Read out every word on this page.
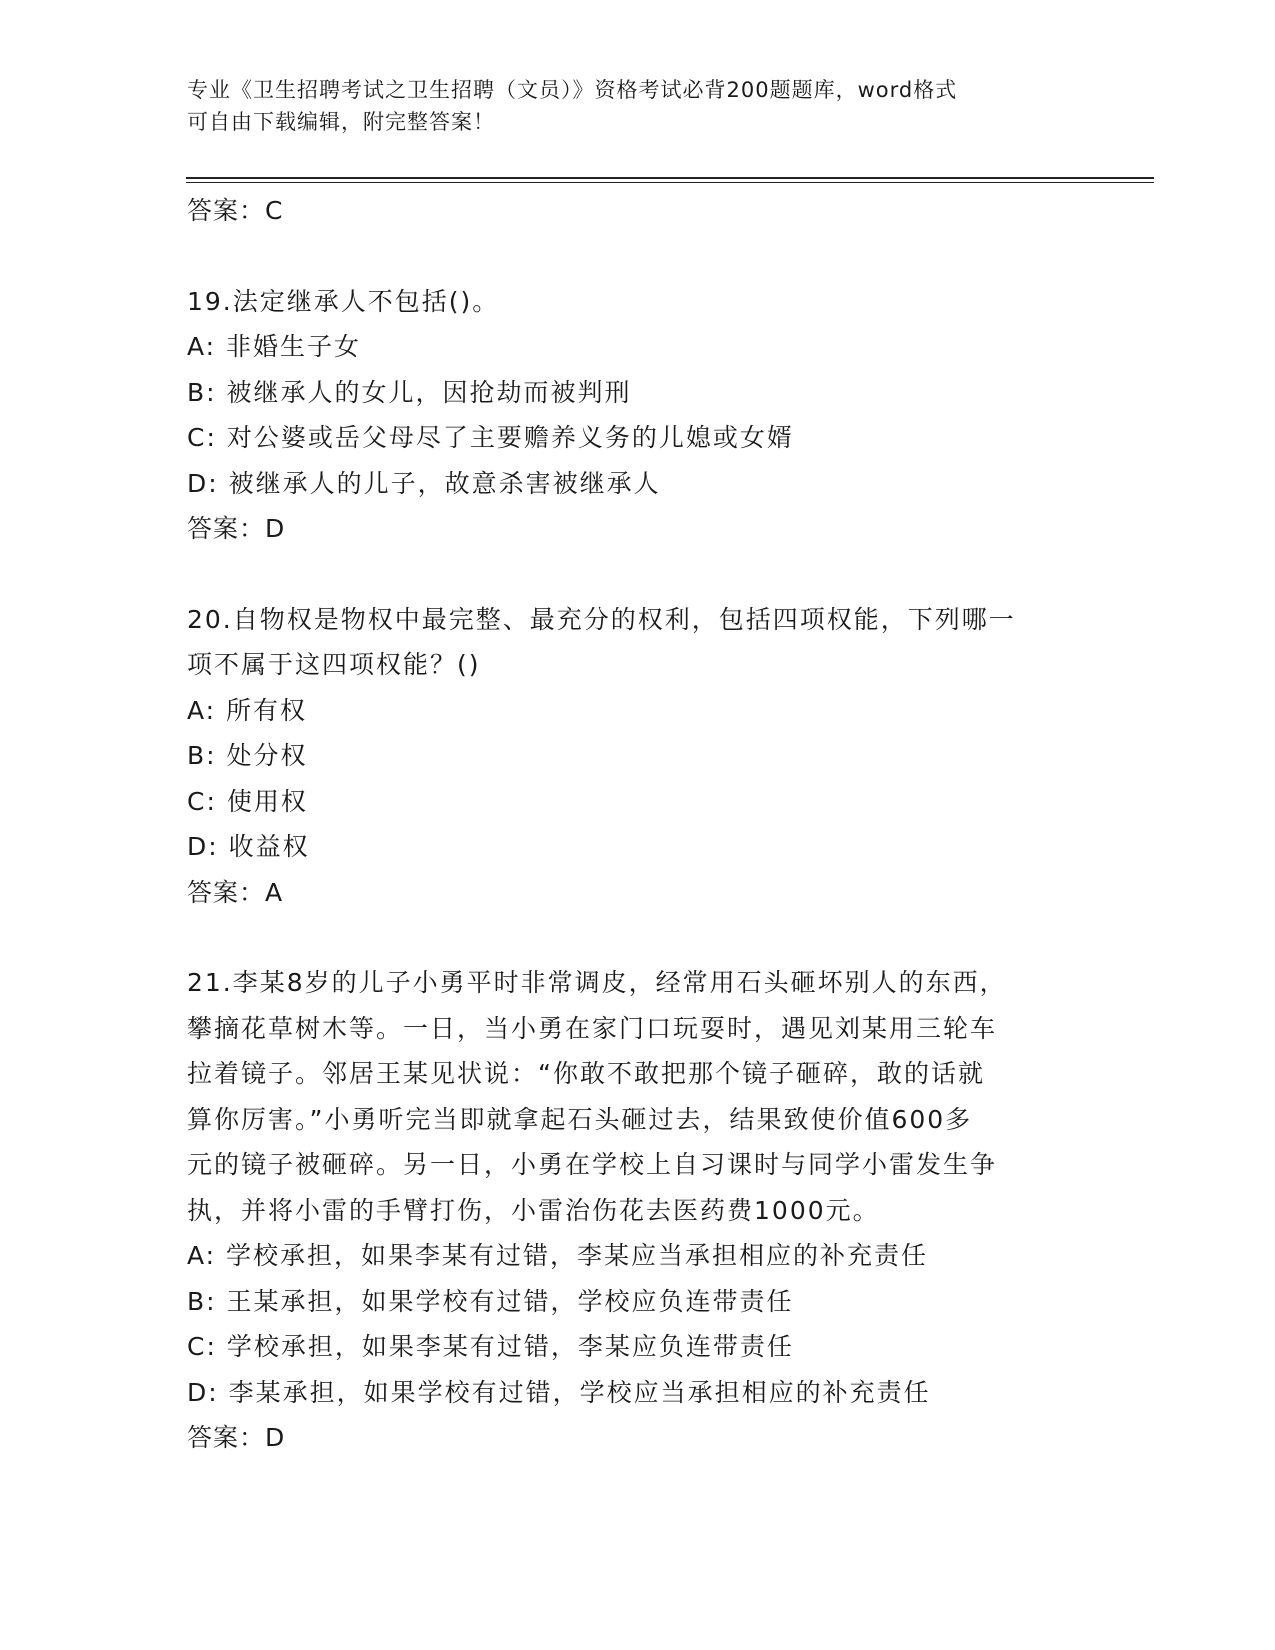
专业《卫生招聘考试之卫生招聘（文员）》资格考试必背200题题库，word格式
可自由下载编辑，附完整答案！
答案：C
19.法定继承人不包括()。
A: 非婚生子女
B: 被继承人的女儿，因抢劫而被判刑
C: 对公婆或岳父母尽了主要赡养义务的儿媳或女婿
D: 被继承人的儿子，故意杀害被继承人
答案：D
20.自物权是物权中最完整、最充分的权利，包括四项权能，下列哪一
项不属于这四项权能？()
A: 所有权
B: 处分权
C: 使用权
D: 收益权
答案：A
21.李某8岁的儿子小勇平时非常调皮，经常用石头砸坏别人的东西，
攀摘花草树木等。一日，当小勇在家门口玩耍时，遇见刘某用三轮车
拉着镜子。邻居王某见状说：“你敢不敢把那个镜子砸碎，敢的话就
算你厉害。”小勇听完当即就拿起石头砸过去，结果致使价值600多
元的镜子被砸碎。另一日，小勇在学校上自习课时与同学小雷发生争
执，并将小雷的手臂打伤，小雷治伤花去医药费1000元。
A: 学校承担，如果李某有过错，李某应当承担相应的补充责任
B: 王某承担，如果学校有过错，学校应负连带责任
C: 学校承担，如果李某有过错，李某应负连带责任
D: 李某承担，如果学校有过错，学校应当承担相应的补充责任
答案：D
